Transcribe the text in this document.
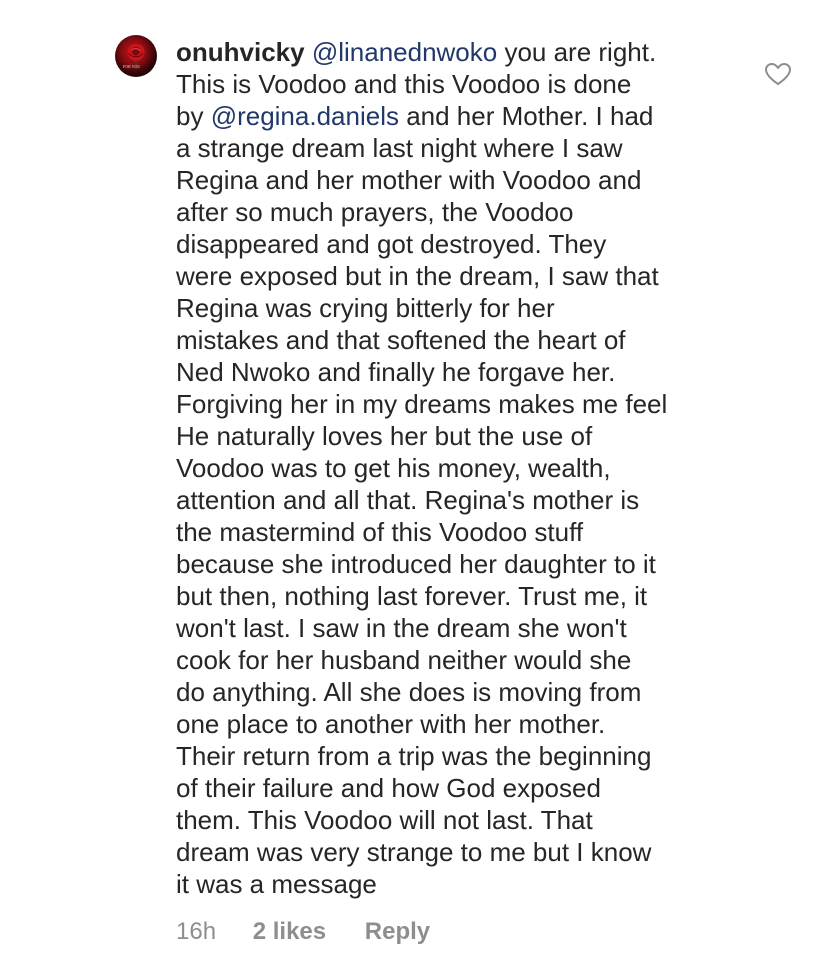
FOR YOU onuhvicky @linanednwoko you are right.
This is Voodoo and this Voodoo is done
by @regina.daniels and her Mother. I had
a strange dream last night where I saw
Regina and her mother with Voodoo and
after so much prayers, the Voodoo
disappeared and got destroyed. They
were exposed but in the dream, I saw that
Regina was crying bitterly for her
mistakes and that softened the heart of
Ned Nwoko and finally he forgave her.
Forgiving her in my dreams makes me feel
He naturally loves her but the use of
Voodoo was to get his money, wealth,
attention and all that. Regina's mother is
the mastermind of this Voodoo stuff
because she introduced her daughter to it
but then, nothing last forever. Trust me, it
won't last. I saw in the dream she won't
cook for her husband neither would she
do anything. All she does is moving from
one place to another with her mother.
Their return from a trip was the beginning
of their failure and how God exposed
them. This Voodoo will not last. That
dream was very strange to me but I know
it was a message
16h 2 likes Reply
